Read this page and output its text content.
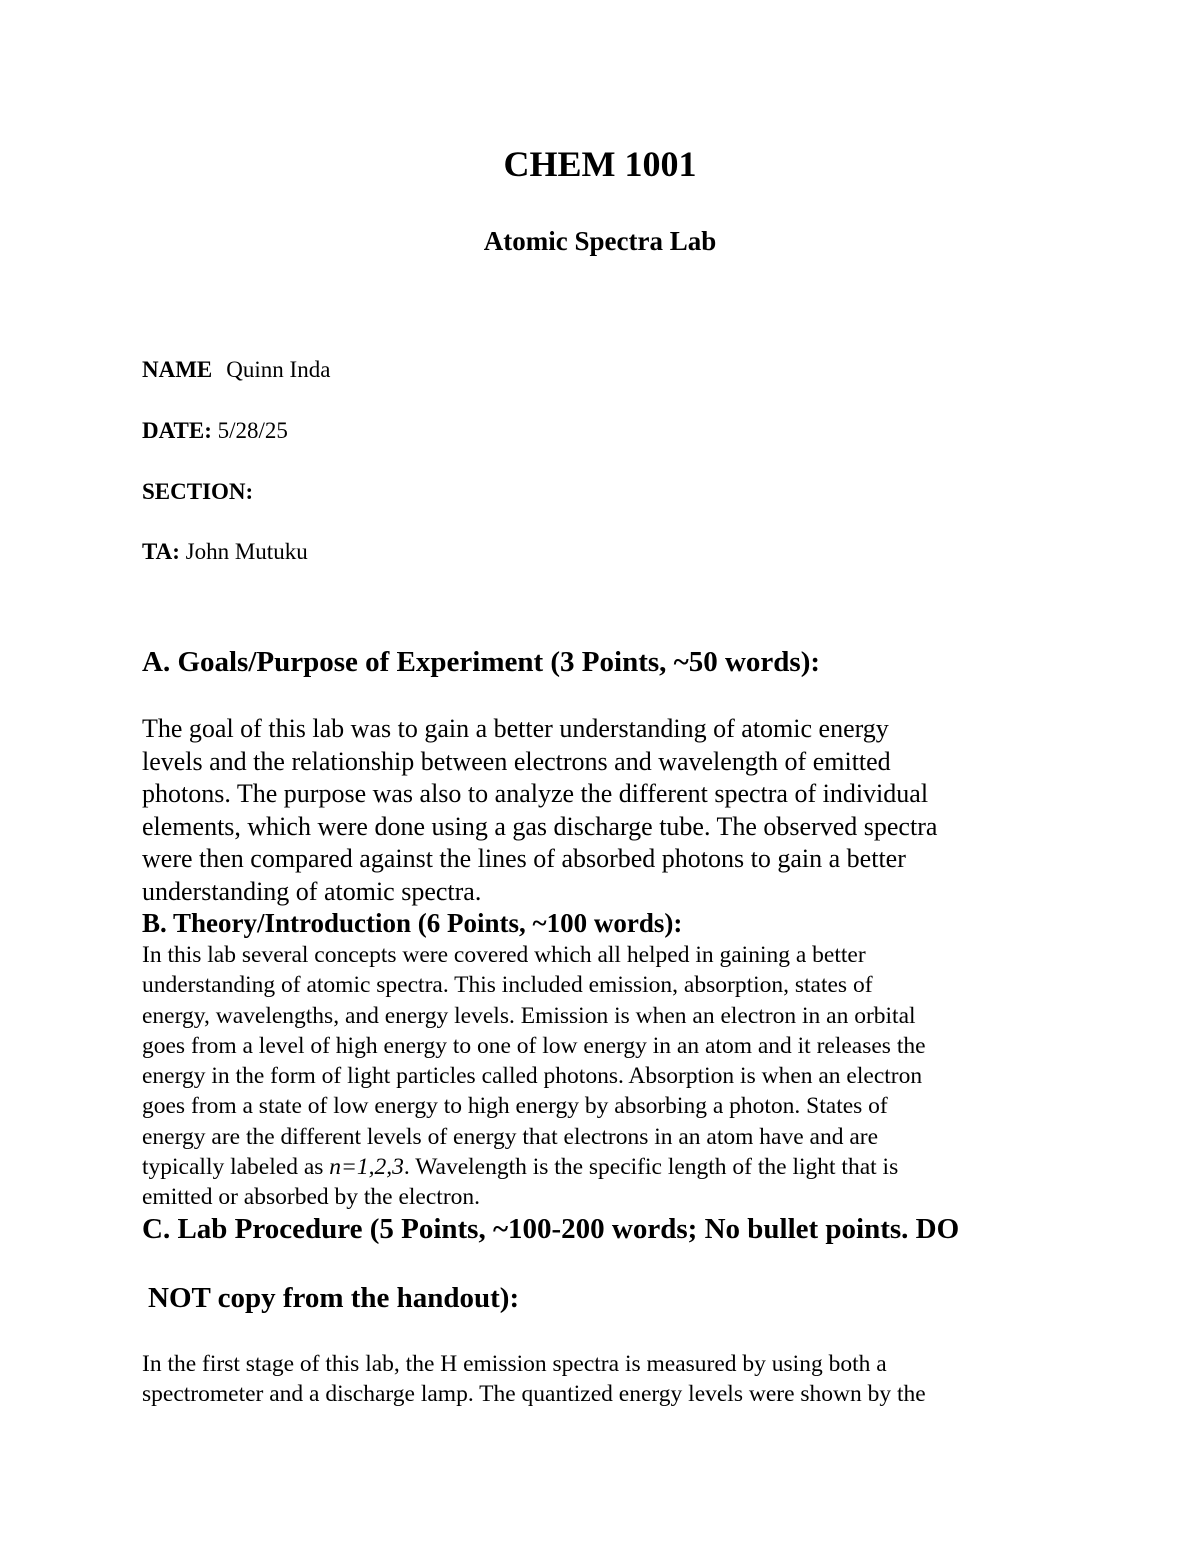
CHEM 1001
Atomic Spectra Lab
NAME Quinn Inda
DATE: 5/28/25
SECTION:
TA: John Mutuku
A. Goals/Purpose of Experiment (3 Points, ~50 words):
The goal of this lab was to gain a better understanding of atomic energy
levels and the relationship between electrons and wavelength of emitted
photons. The purpose was also to analyze the different spectra of individual
elements, which were done using a gas discharge tube. The observed spectra
were then compared against the lines of absorbed photons to gain a better
understanding of atomic spectra.
B. Theory/Introduction (6 Points, ~100 words):
In this lab several concepts were covered which all helped in gaining a better
understanding of atomic spectra. This included emission, absorption, states of
energy, wavelengths, and energy levels. Emission is when an electron in an orbital
goes from a level of high energy to one of low energy in an atom and it releases the
energy in the form of light particles called photons. Absorption is when an electron
goes from a state of low energy to high energy by absorbing a photon. States of
energy are the different levels of energy that electrons in an atom have and are
typically labeled as n=1,2,3. Wavelength is the specific length of the light that is
emitted or absorbed by the electron.
C. Lab Procedure (5 Points, ~100-200 words; No bullet points. DO
NOT copy from the handout):
In the first stage of this lab, the H emission spectra is measured by using both a
spectrometer and a discharge lamp. The quantized energy levels were shown by the
